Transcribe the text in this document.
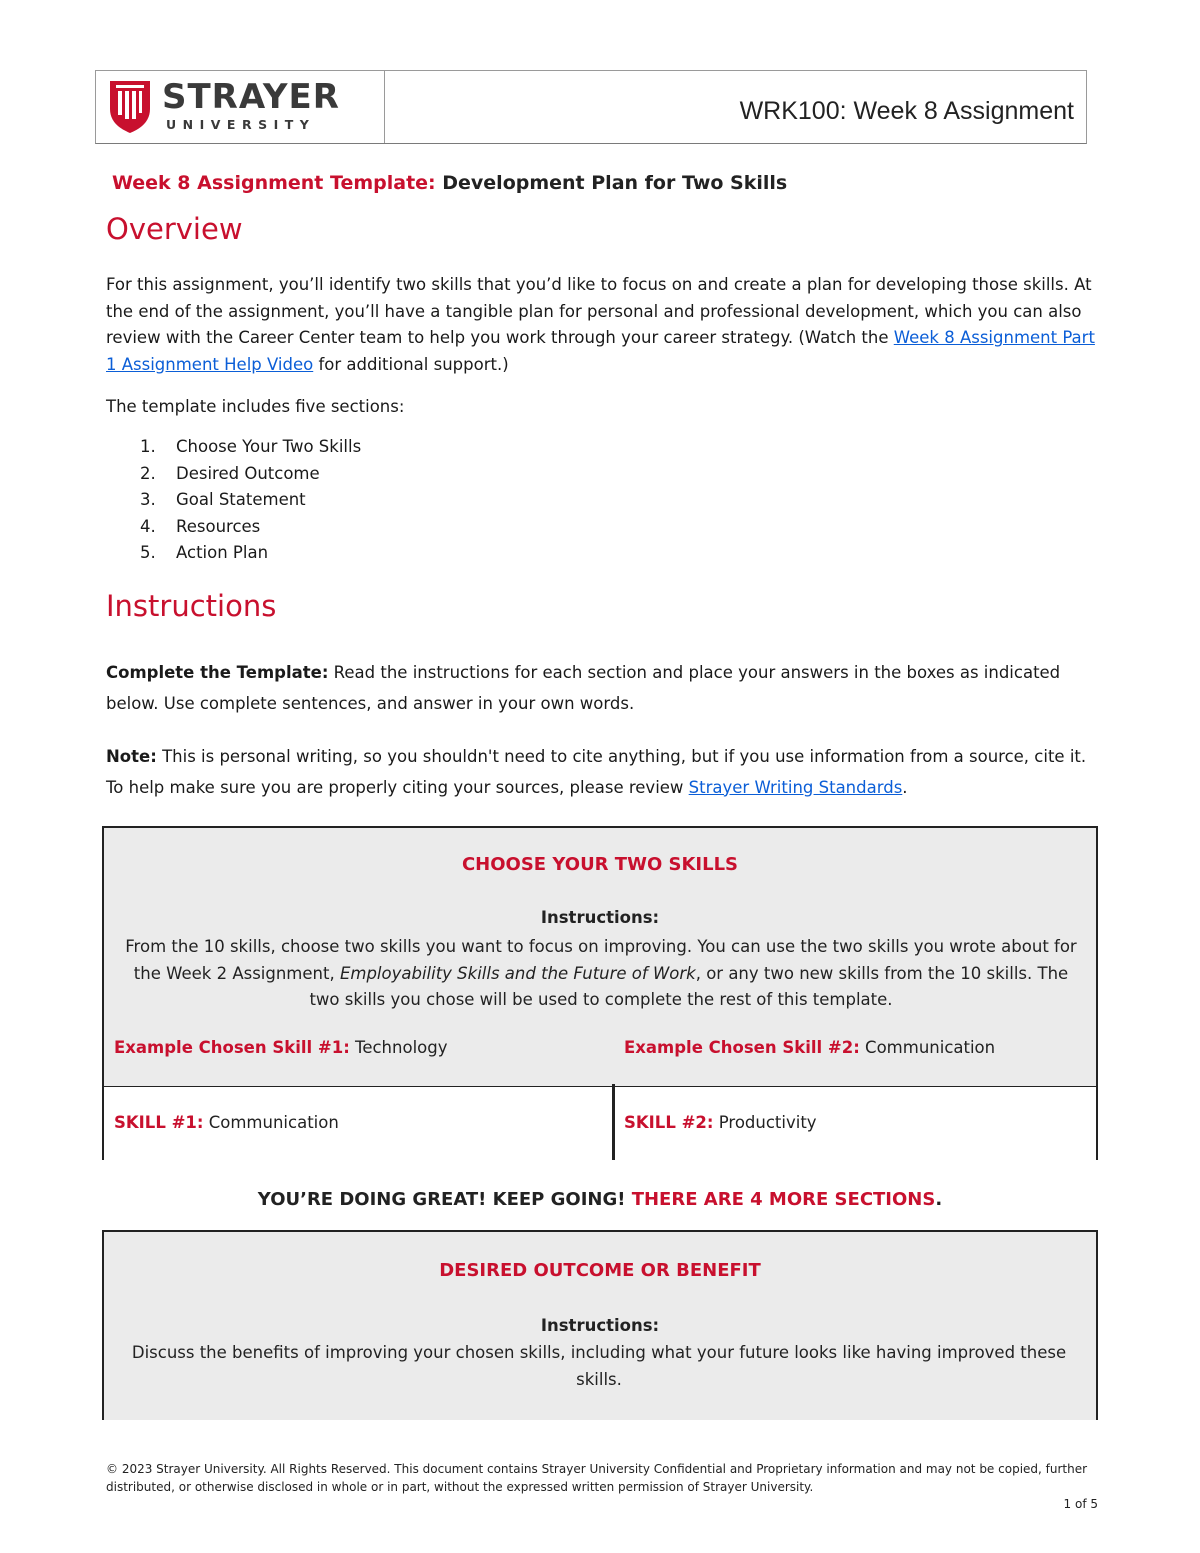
STRAYER
UNIVERSITY	WRK100: Week 8 Assignment
Week 8 Assignment Template: Development Plan for Two Skills
Overview
For this assignment, you’ll identify two skills that you’d like to focus on and create a plan for developing those skills. At the end of the assignment, you’ll have a tangible plan for personal and professional development, which you can also review with the Career Center team to help you work through your career strategy. (Watch the Week 8 Assignment Part 1 Assignment Help Video for additional support.)
The template includes five sections:
1.	Choose Your Two Skills
2.	Desired Outcome
3.	Goal Statement
4.	Resources
5.	Action Plan
Instructions
Complete the Template: Read the instructions for each section and place your answers in the boxes as indicated below. Use complete sentences, and answer in your own words.
Note: This is personal writing, so you shouldn't need to cite anything, but if you use information from a source, cite it. To help make sure you are properly citing your sources, please review Strayer Writing Standards.
CHOOSE YOUR TWO SKILLS
Instructions:
From the 10 skills, choose two skills you want to focus on improving. You can use the two skills you wrote about for the Week 2 Assignment, Employability Skills and the Future of Work, or any two new skills from the 10 skills. The two skills you chose will be used to complete the rest of this template.
Example Chosen Skill #1: Technology	Example Chosen Skill #2: Communication
SKILL #1: Communication	SKILL #2: Productivity
YOU’RE DOING GREAT! KEEP GOING! THERE ARE 4 MORE SECTIONS.
DESIRED OUTCOME OR BENEFIT
Instructions:
Discuss the benefits of improving your chosen skills, including what your future looks like having improved these skills.
© 2023 Strayer University. All Rights Reserved. This document contains Strayer University Confidential and Proprietary information and may not be copied, further distributed, or otherwise disclosed in whole or in part, without the expressed written permission of Strayer University.
1 of 5
